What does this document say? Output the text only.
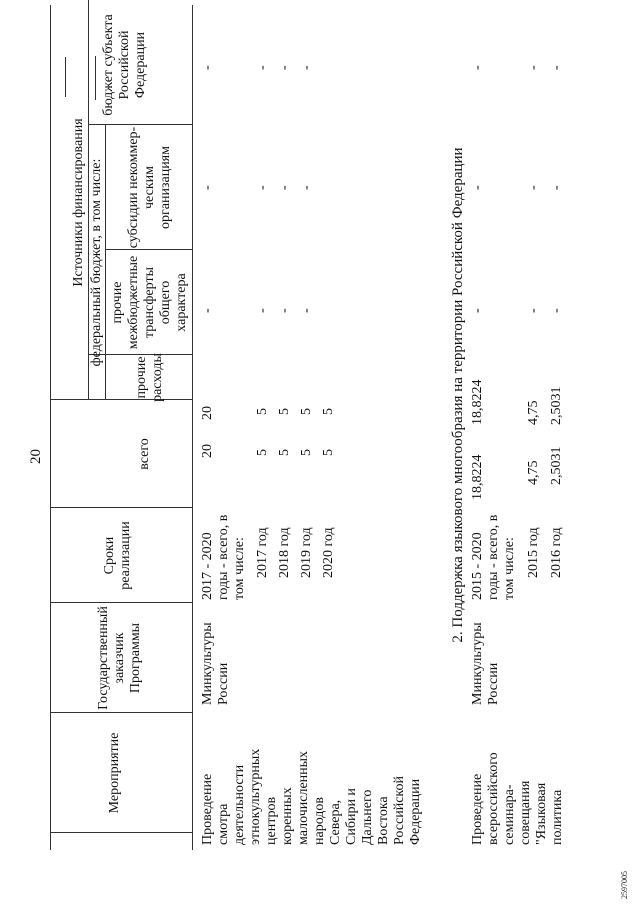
20
2597005
Мероприятие
Государственный заказчик Программы
Сроки реализации
Источники финансирования федеральный бюджет, в том числе:
всего
прочие расходы
прочие межбюджетные трансферты общего характера
субсидии некоммер-ческим организациям
бюджет субъекта Российской Федерации
Проведение смотра деятельности этнокультурных центров коренных малочисленных народов Севера, Сибири и Дальнего Востока Российской Федерации
Минкультуры России
2017 - 2020 годы - всего, в том числе:
20
20
-
-
-
2017 год
5
5
-
-
-
2018 год
5
5
-
-
-
2019 год
5
5
-
-
-
2020 год
5
5	2. Поддержка языкового многообразия на территории Российской Федерации
Проведение всероссийского семинара-совещания "Языковая политика
Минкультуры России
2015 - 2020 годы - всего, в том числе:
18,8224
18,8224
-
-
-
2015 год
4,75
4,75
-
-
-
2016 год
2,5031
2,5031
-
-
-
